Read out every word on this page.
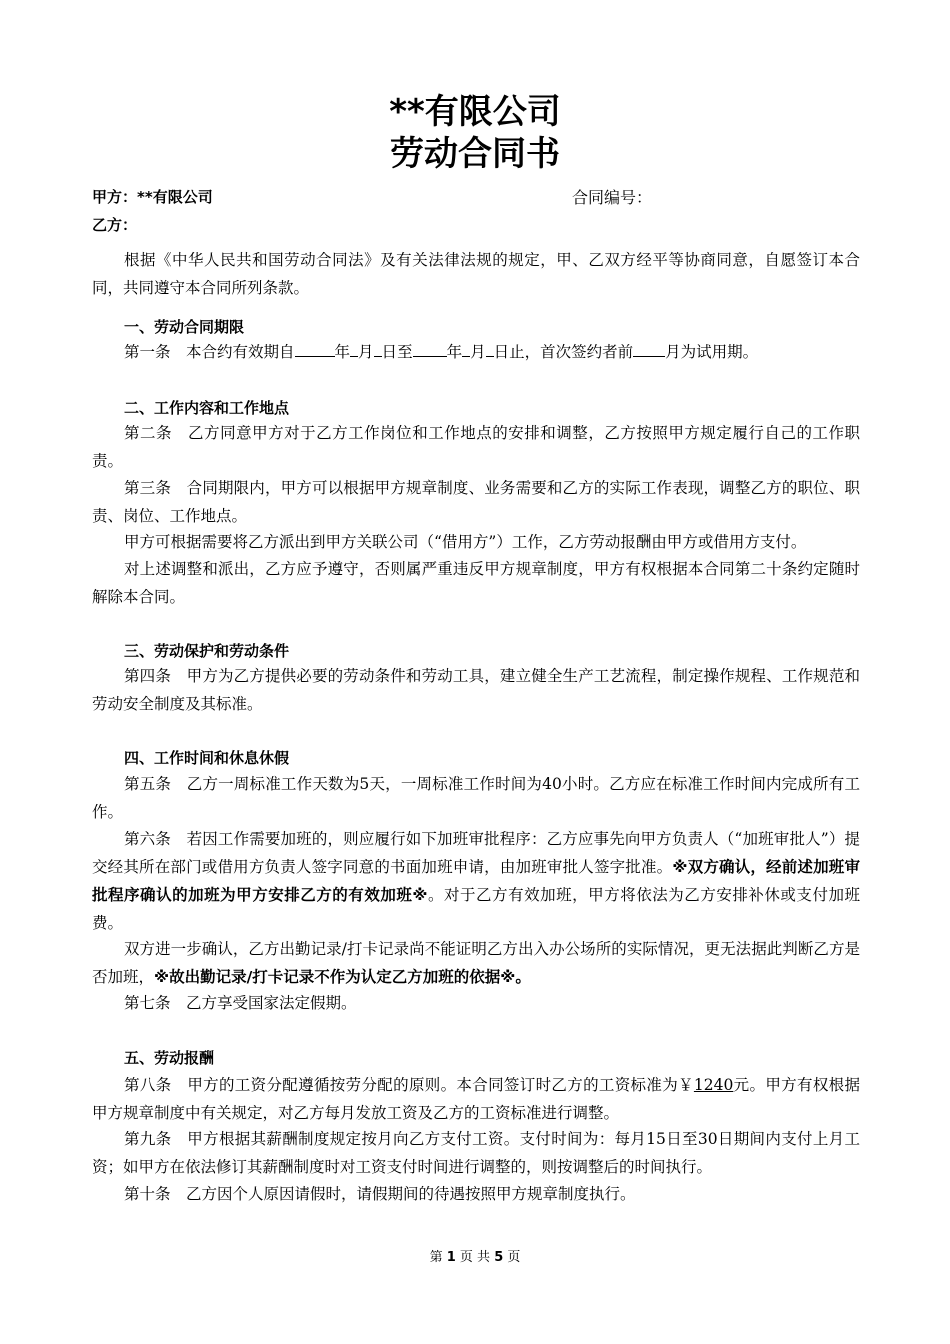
**有限公司
劳动合同书
甲方：**有限公司	合同编号：
乙方：
根据《中华人民共和国劳动合同法》及有关法律法规的规定，甲、乙双方经平等协商同意，自愿签订本合同，共同遵守本合同所列条款。
一、劳动合同期限
第一条　本合约有效期自	年 月 日至 年 月 日止，首次签约者前 月为试用期。
二、工作内容和工作地点
第二条　乙方同意甲方对于乙方工作岗位和工作地点的安排和调整，乙方按照甲方规定履行自己的工作职责。
第三条　合同期限内，甲方可以根据甲方规章制度、业务需要和乙方的实际工作表现，调整乙方的职位、职责、岗位、工作地点。
甲方可根据需要将乙方派出到甲方关联公司（“借用方”）工作，乙方劳动报酬由甲方或借用方支付。
对上述调整和派出，乙方应予遵守，否则属严重违反甲方规章制度，甲方有权根据本合同第二十条约定随时解除本合同。
三、劳动保护和劳动条件
第四条　甲方为乙方提供必要的劳动条件和劳动工具，建立健全生产工艺流程，制定操作规程、工作规范和劳动安全制度及其标准。
四、工作时间和休息休假
第五条　乙方一周标准工作天数为5天，一周标准工作时间为40小时。乙方应在标准工作时间内完成所有工作。
第六条　若因工作需要加班的，则应履行如下加班审批程序：乙方应事先向甲方负责人（“加班审批人”）提交经其所在部门或借用方负责人签字同意的书面加班申请，由加班审批人签字批准。※双方确认，经前述加班审批程序确认的加班为甲方安排乙方的有效加班※。对于乙方有效加班，甲方将依法为乙方安排补休或支付加班费。
双方进一步确认，乙方出勤记录/打卡记录尚不能证明乙方出入办公场所的实际情况，更无法据此判断乙方是否加班，※故出勤记录/打卡记录不作为认定乙方加班的依据※。
第七条　乙方享受国家法定假期。
五、劳动报酬
第八条　甲方的工资分配遵循按劳分配的原则。本合同签订时乙方的工资标准为￥1240元。甲方有权根据甲方规章制度中有关规定，对乙方每月发放工资及乙方的工资标准进行调整。
第九条　甲方根据其薪酬制度规定按月向乙方支付工资。支付时间为：每月15日至30日期间内支付上月工资；如甲方在依法修订其薪酬制度时对工资支付时间进行调整的，则按调整后的时间执行。
第十条　乙方因个人原因请假时，请假期间的待遇按照甲方规章制度执行。
第 1 页 共 5 页
